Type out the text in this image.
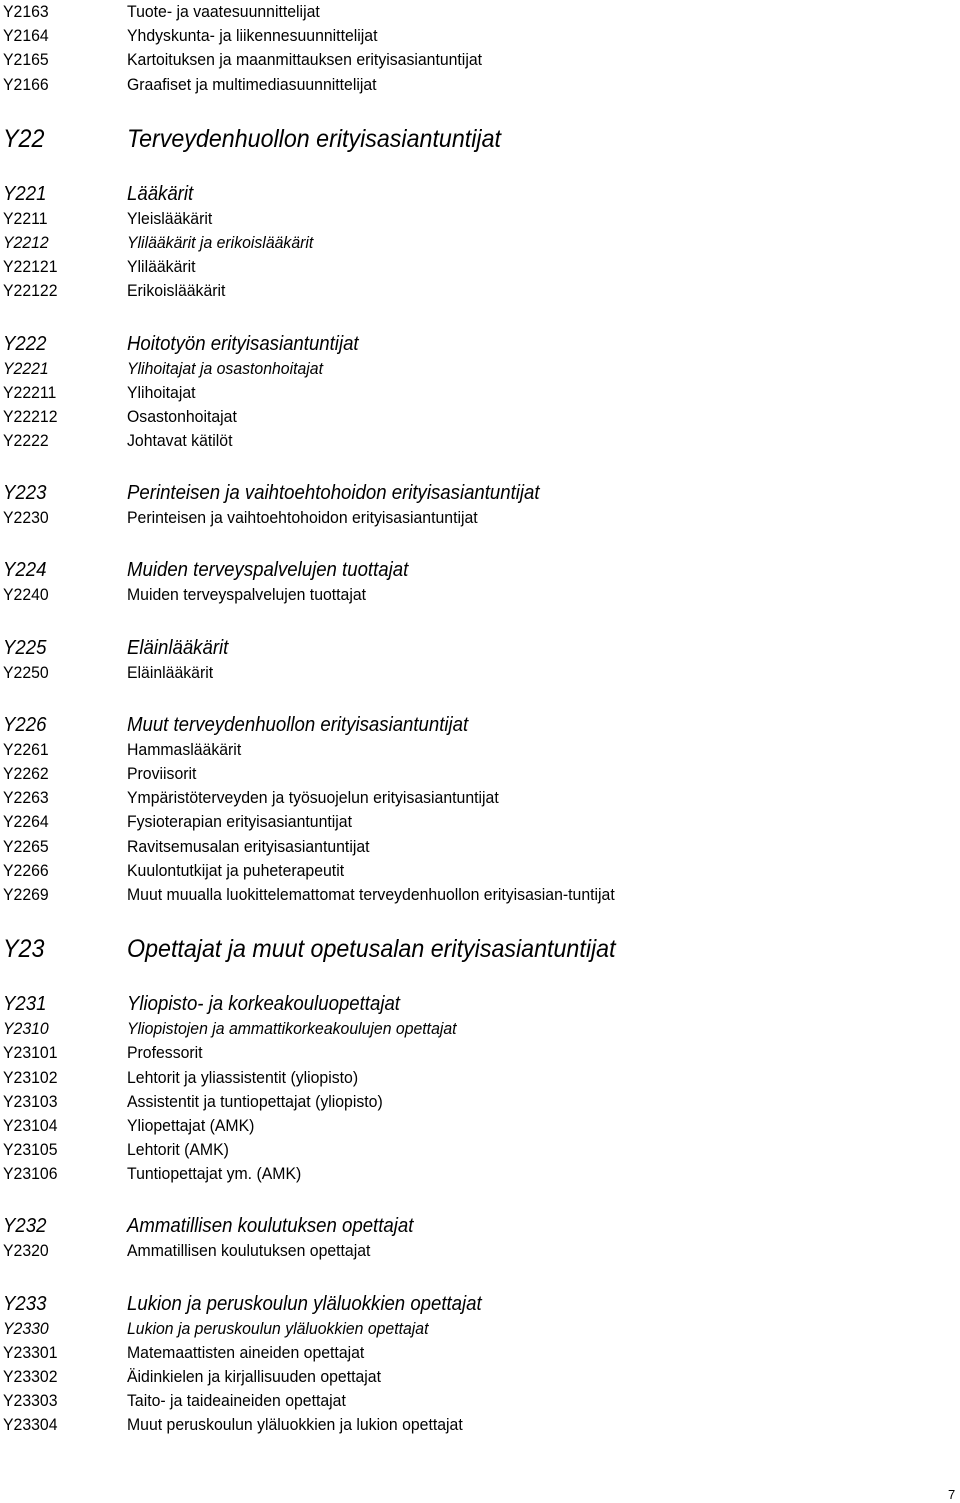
Y2163	Tuote- ja vaatesuunnittelijat
Y2164	Yhdyskunta- ja liikennesuunnittelijat
Y2165	Kartoituksen ja maanmittauksen erityisasiantuntijat
Y2166	Graafiset ja multimediasuunnittelijat
Y22	Terveydenhuollon erityisasiantuntijat
Y221	Lääkärit
Y2211	Yleislääkärit
Y2212	Ylilääkärit ja erikoislääkärit
Y22121	Ylilääkärit
Y22122	Erikoislääkärit
Y222	Hoitotyön erityisasiantuntijat
Y2221	Ylihoitajat ja osastonhoitajat
Y22211	Ylihoitajat
Y22212	Osastonhoitajat
Y2222	Johtavat kätilöt
Y223	Perinteisen ja vaihtoehtohoidon erityisasiantuntijat
Y2230	Perinteisen ja vaihtoehtohoidon erityisasiantuntijat
Y224	Muiden terveyspalvelujen tuottajat
Y2240	Muiden terveyspalvelujen tuottajat
Y225	Eläinlääkärit
Y2250	Eläinlääkärit
Y226	Muut terveydenhuollon erityisasiantuntijat
Y2261	Hammaslääkärit
Y2262	Proviisorit
Y2263	Ympäristöterveyden ja työsuojelun erityisasiantuntijat
Y2264	Fysioterapian erityisasiantuntijat
Y2265	Ravitsemusalan erityisasiantuntijat
Y2266	Kuulontutkijat ja puheterapeutit
Y2269	Muut muualla luokittelemattomat terveydenhuollon erityisasian-tuntijat
Y23	Opettajat ja muut opetusalan erityisasiantuntijat
Y231	Yliopisto- ja korkeakouluopettajat
Y2310	Yliopistojen ja ammattikorkeakoulujen opettajat
Y23101	Professorit
Y23102	Lehtorit ja yliassistentit (yliopisto)
Y23103	Assistentit ja tuntiopettajat (yliopisto)
Y23104	Yliopettajat (AMK)
Y23105	Lehtorit (AMK)
Y23106	Tuntiopettajat ym. (AMK)
Y232	Ammatillisen koulutuksen opettajat
Y2320	Ammatillisen koulutuksen opettajat
Y233	Lukion ja peruskoulun yläluokkien opettajat
Y2330	Lukion ja peruskoulun yläluokkien opettajat
Y23301	Matemaattisten aineiden opettajat
Y23302	Äidinkielen ja kirjallisuuden opettajat
Y23303	Taito- ja taideaineiden opettajat
Y23304	Muut peruskoulun yläluokkien ja lukion opettajat
7
